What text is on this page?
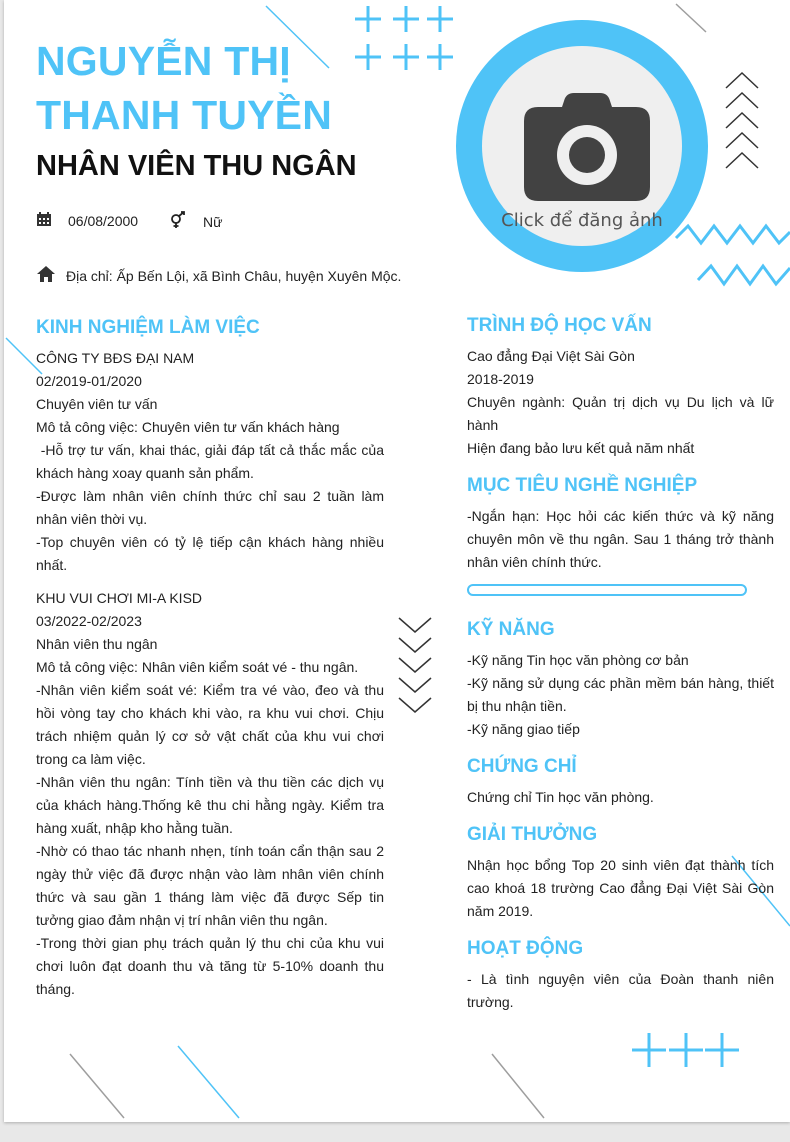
NGUYỄN THỊ THANH TUYỀN
NHÂN VIÊN THU NGÂN
06/08/2000	Nữ
Địa chỉ: Ấp Bến Lội, xã Bình Châu, huyện Xuyên Mộc.
Click để đăng ảnh
KINH NGHIỆM LÀM VIỆC

CÔNG TY BĐS ĐẠI NAM

02/2019-01/2020

Chuyên viên tư vấn

Mô tả công việc: Chuyên viên tư vấn khách hàng

-Hỗ trợ tư vấn, khai thác, giải đáp tất cả thắc mắc của khách hàng xoay quanh sản phẩm.

-Được làm nhân viên chính thức chỉ sau 2 tuần làm nhân viên thời vụ.

-Top chuyên viên có tỷ lệ tiếp cận khách hàng nhiều nhất.

KHU VUI CHƠI MI-A KISD

03/2022-02/2023

Nhân viên thu ngân

Mô tả công việc: Nhân viên kiểm soát vé - thu ngân.

-Nhân viên kiểm soát vé: Kiểm tra vé vào, đeo và thu hồi vòng tay cho khách khi vào, ra khu vui chơi. Chịu trách nhiệm quản lý cơ sở vật chất của khu vui chơi trong ca làm việc.

-Nhân viên thu ngân: Tính tiền và thu tiền các dịch vụ của khách hàng.Thống kê thu chi hằng ngày. Kiểm tra hàng xuất, nhập kho hằng tuần.

-Nhờ có thao tác nhanh nhẹn, tính toán cẩn thận sau 2 ngày thử việc đã được nhận vào làm nhân viên chính thức và sau gần 1 tháng làm việc đã được Sếp tin tưởng giao đảm nhận vị trí nhân viên thu ngân.

-Trong thời gian phụ trách quản lý thu chi của khu vui chơi luôn đạt doanh thu và tăng từ 5-10% doanh thu tháng.

TRÌNH ĐỘ HỌC VẤN

Cao đẳng Đại Việt Sài Gòn

2018-2019

Chuyên ngành: Quản trị dịch vụ Du lịch và lữ hành

Hiện đang bảo lưu kết quả năm nhất

MỤC TIÊU NGHỀ NGHIỆP

-Ngắn hạn: Học hỏi các kiến thức và kỹ năng chuyên môn về thu ngân. Sau 1 tháng trở thành nhân viên chính thức.

KỸ NĂNG

-Kỹ năng Tin học văn phòng cơ bản

-Kỹ năng sử dụng các phần mềm bán hàng, thiết bị thu nhận tiền.

-Kỹ năng giao tiếp

CHỨNG CHỈ

Chứng chỉ Tin học văn phòng.

GIẢI THƯỞNG

Nhận học bổng Top 20 sinh viên đạt thành tích cao khoá 18 trường Cao đẳng Đại Việt Sài Gòn năm 2019.

HOẠT ĐỘNG

- Là tình nguyện viên của Đoàn thanh niên trường.
